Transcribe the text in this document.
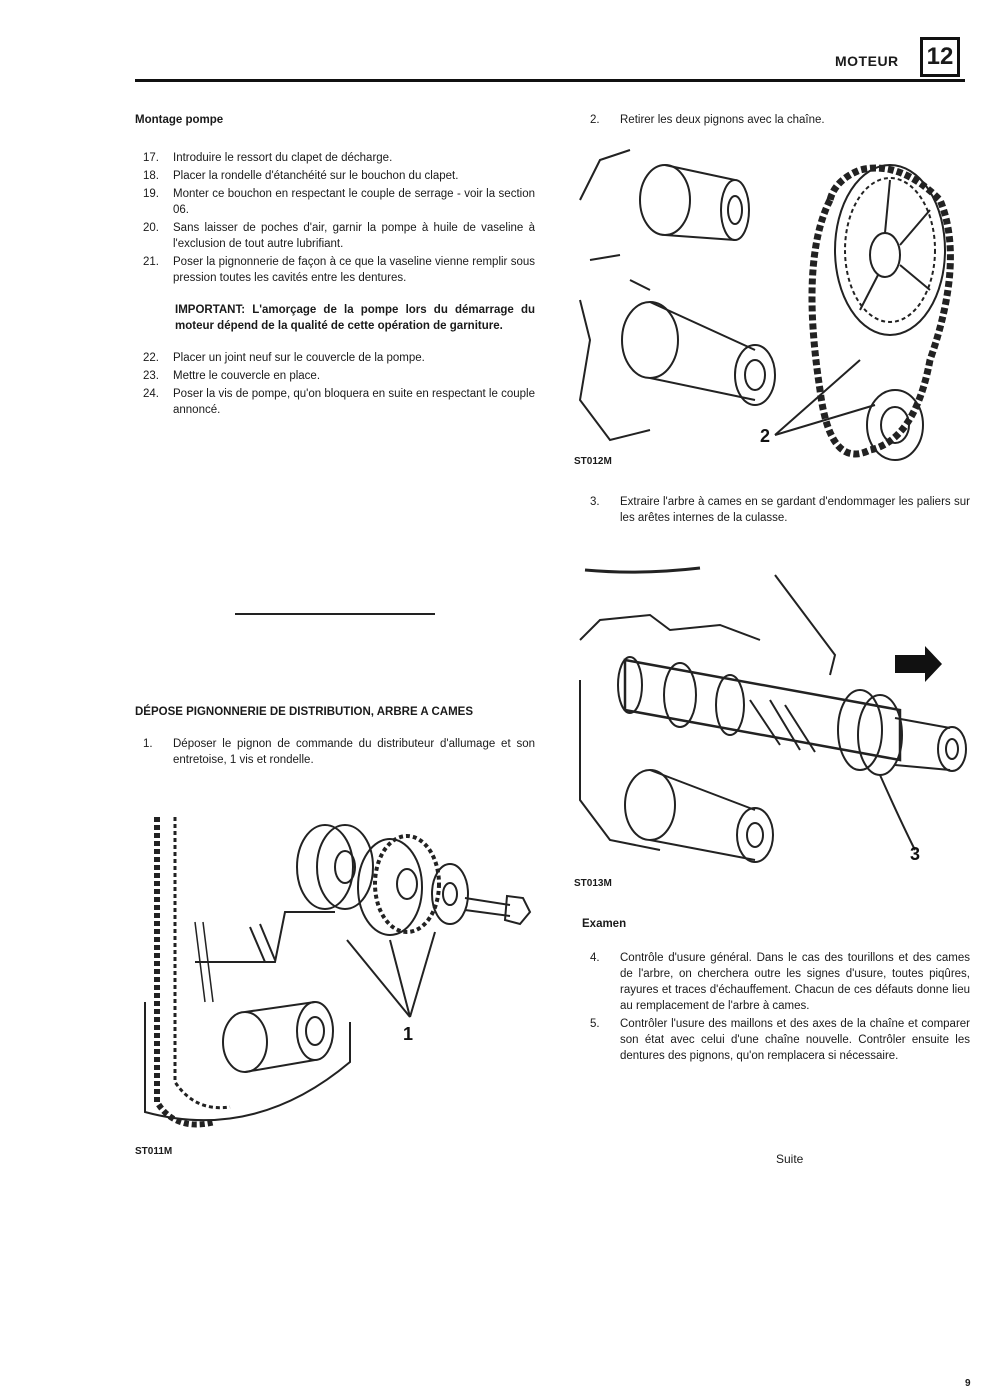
MOTEUR 12

Montage pompe

17.	Introduire le ressort du clapet de décharge.
18.	Placer la rondelle d'étanchéité sur le bouchon du clapet.
19.	Monter ce bouchon en respectant le couple de serrage - voir la section 06.
20.	Sans laisser de poches d'air, garnir la pompe à huile de vaseline à l'exclusion de tout autre lubrifiant.
21.	Poser la pignonnerie de façon à ce que la vaseline vienne remplir sous pression toutes les cavités entre les dentures.

IMPORTANT: L'amorçage de la pompe lors du démarrage du moteur dépend de la qualité de cette opération de garniture.

22.	Placer un joint neuf sur le couvercle de la pompe.
23.	Mettre le couvercle en place.
24.	Poser la vis de pompe, qu'on bloquera en suite en respectant le couple annoncé.

DÉPOSE PIGNONNERIE DE DISTRIBUTION, ARBRE A CAMES

1.	Déposer le pignon de commande du distributeur d'allumage et son entretoise, 1 vis et rondelle.
1
ST011M
2.	Retirer les deux pignons avec la chaîne.
2
ST012M
3.	Extraire l'arbre à cames en se gardant d'endommager les paliers sur les arêtes internes de la culasse.
3
ST013M

Examen

4.	Contrôle d'usure général. Dans le cas des tourillons et des cames de l'arbre, on cherchera outre les signes d'usure, toutes piqûres, rayures et traces d'échauffement. Chacun de ces défauts donne lieu au remplacement de l'arbre à cames.
5.	Contrôler l'usure des maillons et des axes de la chaîne et comparer son état avec celui d'une chaîne nouvelle. Contrôler ensuite les dentures des pignons, qu'on remplacera si nécessaire.
Suite
9
